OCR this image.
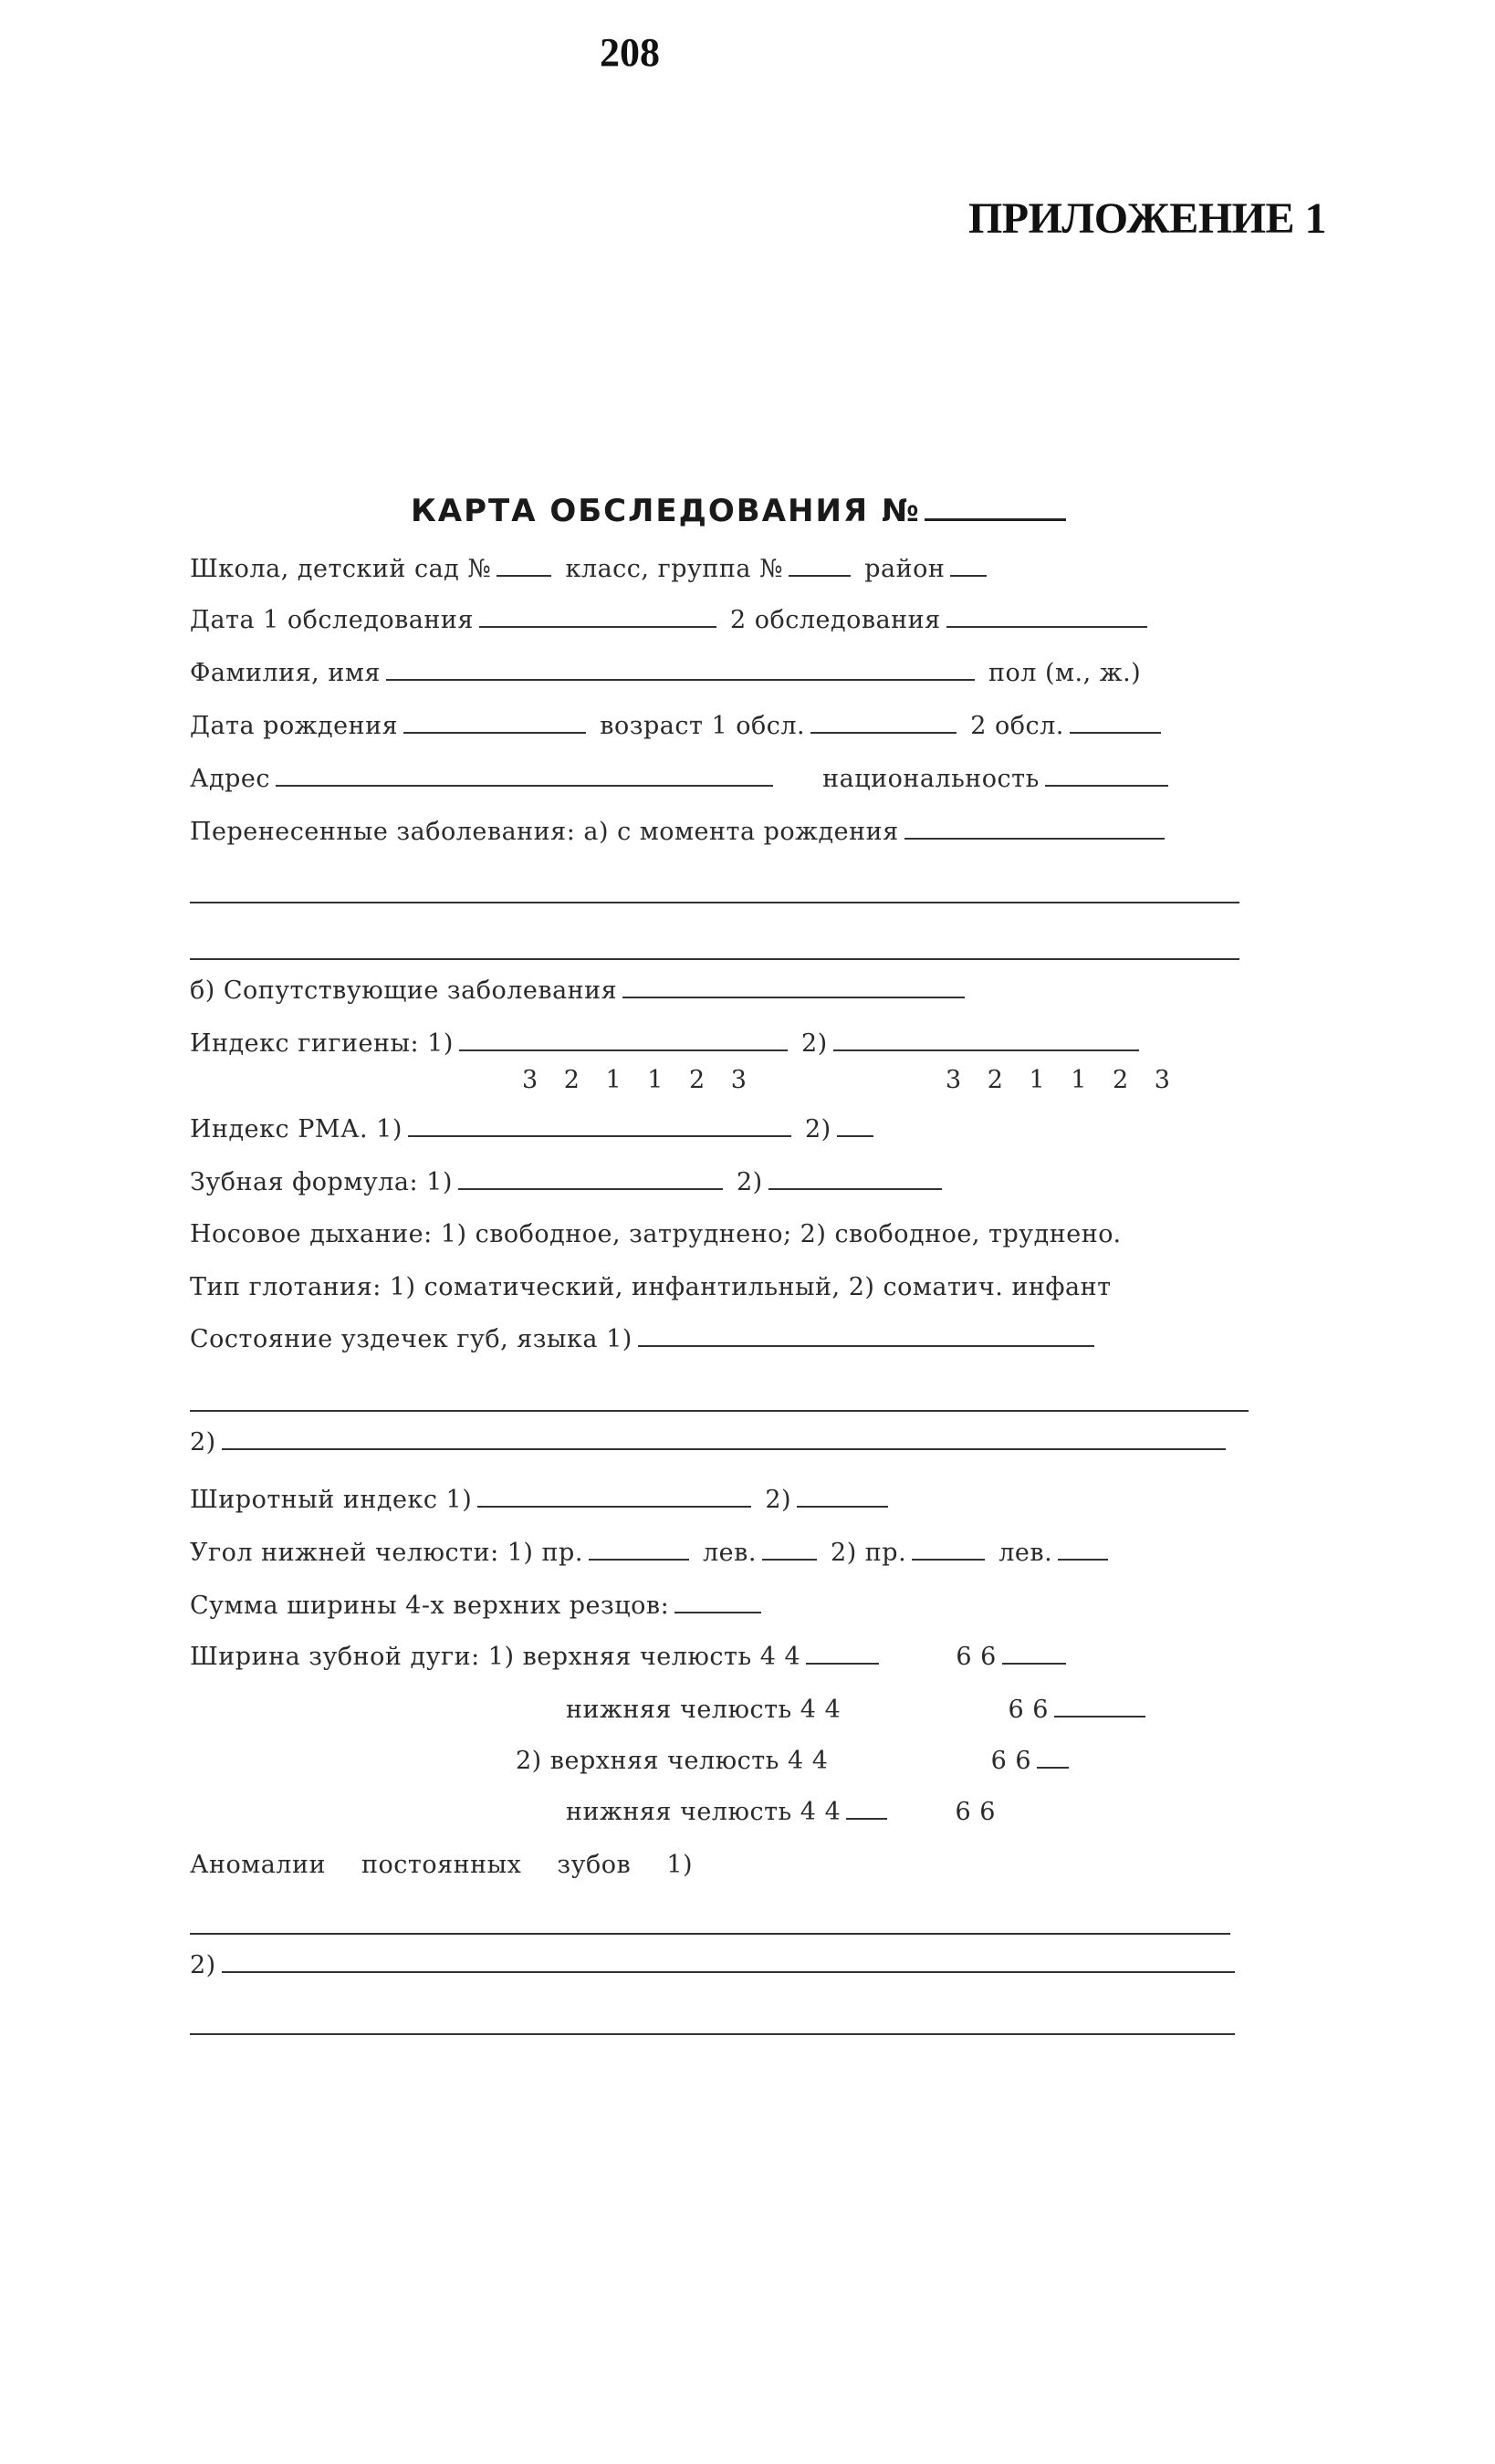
208
ПРИЛОЖЕНИЕ 1
КАРТА ОБСЛЕДОВАНИЯ №
Школа, детский сад №	класс, группа №	район
Дата 1 обследования	2 обследования
Фамилия, имя	пол (м., ж.)
Дата рождения	возраст 1 обсл.	2 обсл.
Адрес	национальность
Перенесенные заболевания: а) с момента рождения
б) Сопутствующие заболевания
Индекс гигиены: 1)	2)
3 2 1 1 2 3	3 2 1 1 2 3
Индекс РМА. 1)	2)
Зубная формула: 1)	2)
Носовое дыхание: 1) свободное, затруднено; 2) свободное, трудненo.
Тип глотания: 1) соматический, инфантильный, 2) соматич. инфант
Состояние уздечек губ, языка 1)
2)
Широтный индекс 1)	2)
Угол нижней челюсти: 1) пр.	лев.	2) пр.	лев.
Сумма ширины 4-х верхних резцов:
Ширина зубной дуги: 1) верхняя челюсть 4 4	6 6
нижняя челюсть 4 4	6 6
2) верхняя челюсть 4 4	6 6
нижняя челюсть 4 4	6 6
Аномалии постоянных зубов 1)
2)
